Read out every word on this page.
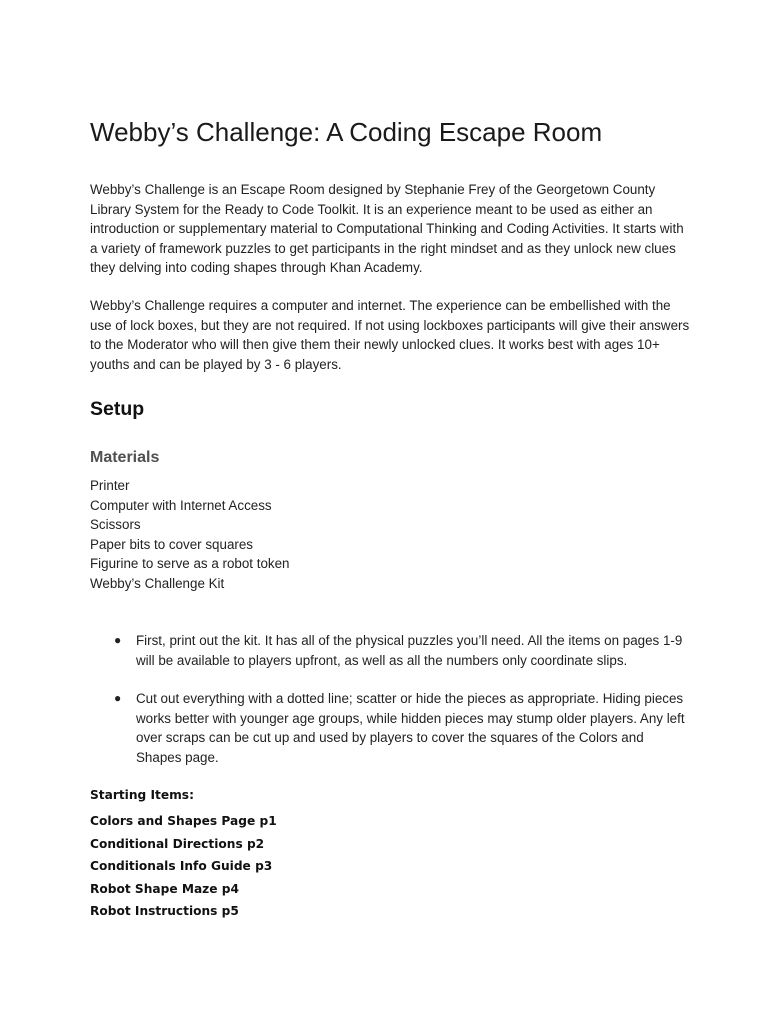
Webby’s Challenge: A Coding Escape Room

Webby’s Challenge is an Escape Room designed by Stephanie Frey of the Georgetown County Library System for the Ready to Code Toolkit. It is an experience meant to be used as either an introduction or supplementary material to Computational Thinking and Coding Activities. It starts with a variety of framework puzzles to get participants in the right mindset and as they unlock new clues they delving into coding shapes through Khan Academy.

Webby’s Challenge requires a computer and internet. The experience can be embellished with the use of lock boxes, but they are not required. If not using lockboxes participants will give their answers to the Moderator who will then give them their newly unlocked clues. It works best with ages 10+ youths and can be played by 3 - 6 players.

Setup
Materials
Printer
Computer with Internet Access
Scissors
Paper bits to cover squares
Figurine to serve as a robot token
Webby’s Challenge Kit
● First, print out the kit. It has all of the physical puzzles you’ll need. All the items on pages 1-9 will be available to players upfront, as well as all the numbers only coordinate slips.
● Cut out everything with a dotted line; scatter or hide the pieces as appropriate. Hiding pieces works better with younger age groups, while hidden pieces may stump older players. Any left over scraps can be cut up and used by players to cover the squares of the Colors and Shapes page.
Starting Items:
Colors and Shapes Page p1
Conditional Directions p2
Conditionals Info Guide p3
Robot Shape Maze p4
Robot Instructions p5
